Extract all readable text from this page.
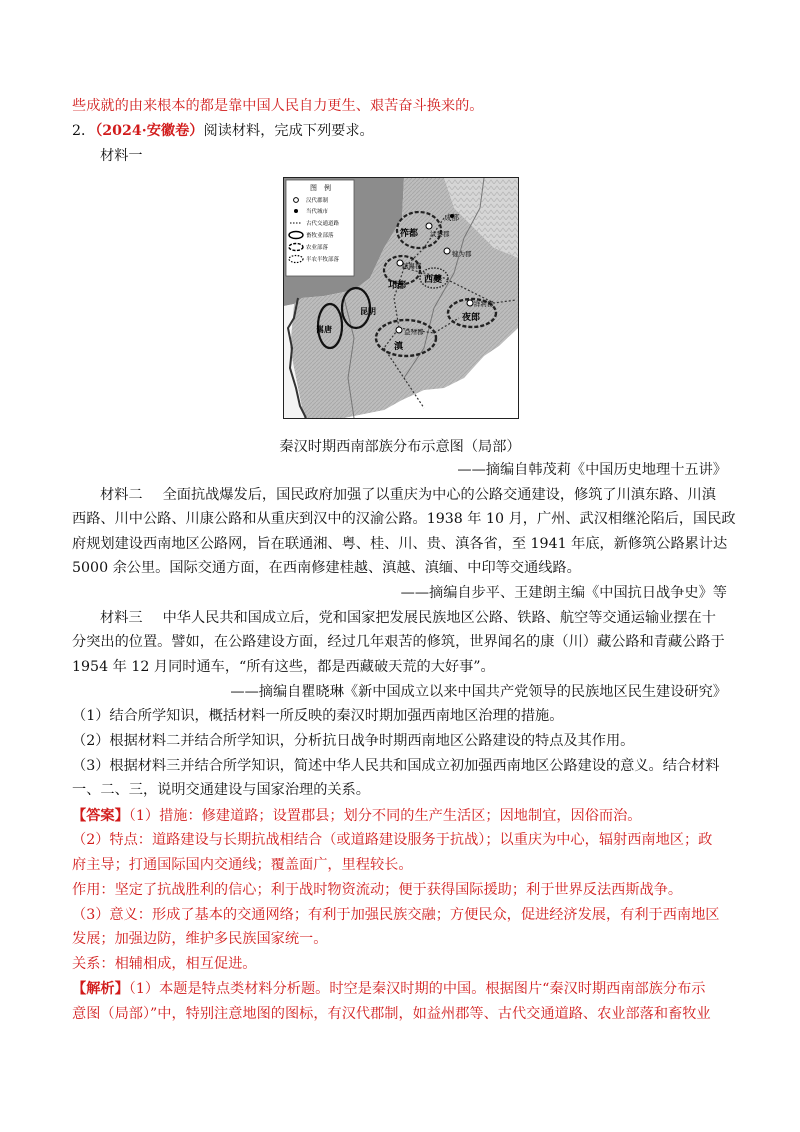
些成就的由来根本的都是靠中国人民自力更生、艰苦奋斗换来的。
2．（2024·安徽卷）阅读材料，完成下列要求。
材料一
图　例
汉代郡制
当代城市
古代交通道路
畜牧业部落
农业部落
半农半牧部落
成都
汶黎郡
犍为郡
越巂郡
筰都
邛都
西夔
牂牁郡
夜郎
昆明
嶲唐	益州郡
滇
秦汉时期西南部族分布示意图（局部）
——摘编自韩茂莉《中国历史地理十五讲》
材料二 全面抗战爆发后，国民政府加强了以重庆为中心的公路交通建设，修筑了川滇东路、川滇
西路、川中公路、川康公路和从重庆到汉中的汉渝公路。1938 年 10 月，广州、武汉相继沦陷后，国民政
府规划建设西南地区公路网，旨在联通湘、粤、桂、川、贵、滇各省，至 1941 年底，新修筑公路累计达
5000 余公里。国际交通方面，在西南修建桂越、滇越、滇缅、中印等交通线路。
——摘编自步平、王建朗主编《中国抗日战争史》等
材料三 中华人民共和国成立后，党和国家把发展民族地区公路、铁路、航空等交通运输业摆在十
分突出的位置。譬如，在公路建设方面，经过几年艰苦的修筑，世界闻名的康（川）藏公路和青藏公路于
1954 年 12 月同时通车，“所有这些，都是西藏破天荒的大好事”。
——摘编自瞿晓琳《新中国成立以来中国共产党领导的民族地区民生建设研究》
（1）结合所学知识，概括材料一所反映的秦汉时期加强西南地区治理的措施。
（2）根据材料二并结合所学知识，分析抗日战争时期西南地区公路建设的特点及其作用。
（3）根据材料三并结合所学知识，简述中华人民共和国成立初加强西南地区公路建设的意义。结合材料
一、二、三，说明交通建设与国家治理的关系。
【答案】（1）措施：修建道路；设置郡县；划分不同的生产生活区；因地制宜，因俗而治。
（2）特点：道路建设与长期抗战相结合（或道路建设服务于抗战）；以重庆为中心，辐射西南地区；政
府主导；打通国际国内交通线；覆盖面广，里程较长。
作用：坚定了抗战胜利的信心；利于战时物资流动；便于获得国际援助；利于世界反法西斯战争。
（3）意义：形成了基本的交通网络；有利于加强民族交融；方便民众，促进经济发展，有利于西南地区
发展；加强边防，维护多民族国家统一。
关系：相辅相成，相互促进。
【解析】（1）本题是特点类材料分析题。时空是秦汉时期的中国。根据图片“秦汉时期西南部族分布示
意图（局部）”中，特别注意地图的图标，有汉代郡制，如益州郡等、古代交通道路、农业部落和畜牧业
